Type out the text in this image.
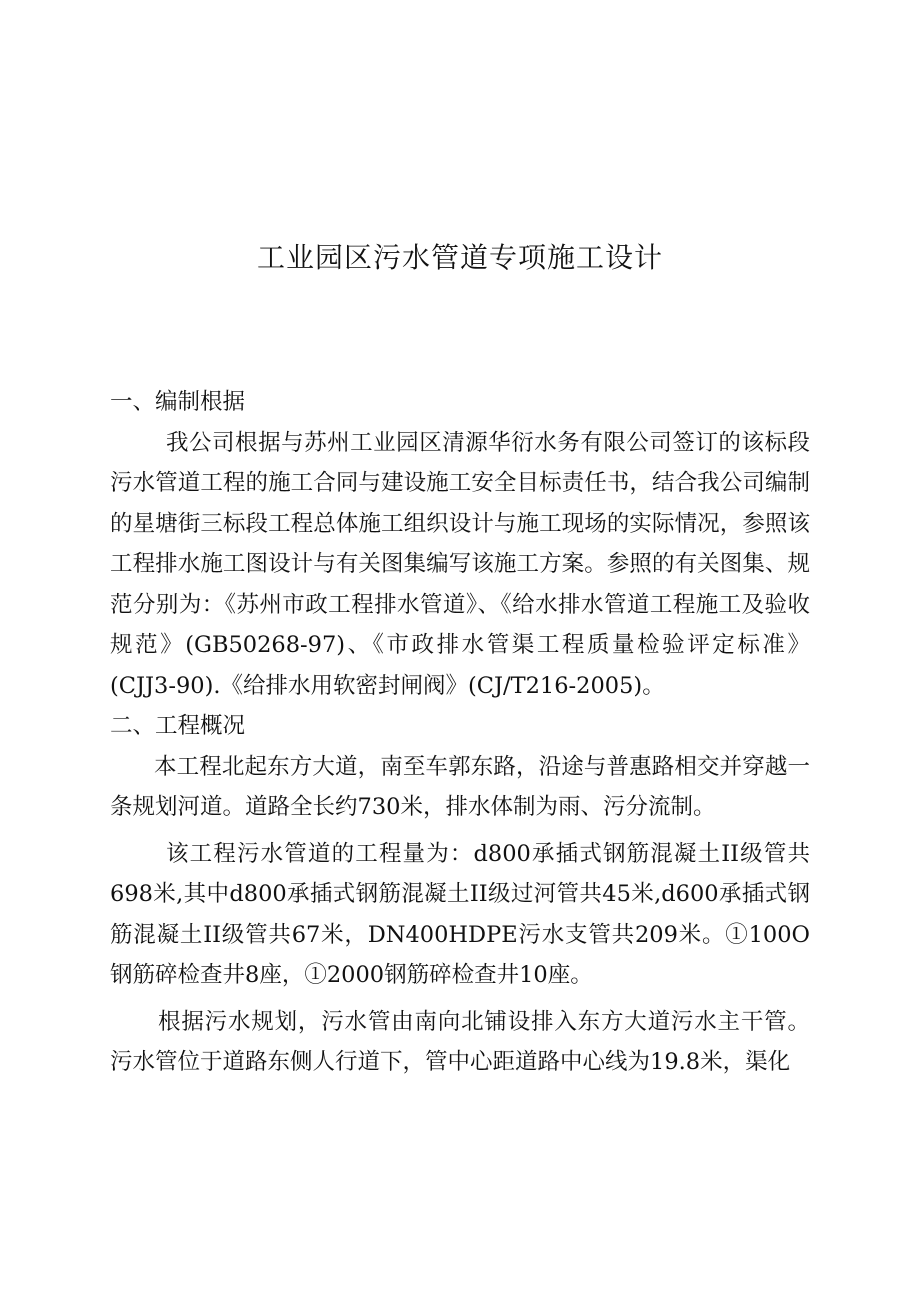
工业园区污水管道专项施工设计

一、编制根据

我公司根据与苏州工业园区清源华衍水务有限公司签订的该标段污水管道工程的施工合同与建设施工安全目标责任书，结合我公司编制的星塘街三标段工程总体施工组织设计与施工现场的实际情况，参照该工程排水施工图设计与有关图集编写该施工方案。参照的有关图集、规范分别为：《苏州市政工程排水管道》、《给水排水管道工程施工及验收规范》(GB50268-97)、《市政排水管渠工程质量检验评定标准》(CJJ3-90).《给排水用软密封闸阀》(CJ/T216-2005)。

二、工程概况

本工程北起东方大道，南至车郭东路，沿途与普惠路相交并穿越一条规划河道。道路全长约730米，排水体制为雨、污分流制。

该工程污水管道的工程量为：d800承插式钢筋混凝土II级管共698米,其中d800承插式钢筋混凝土II级过河管共45米,d600承插式钢筋混凝土II级管共67米，DN400HDPE污水支管共209米。①100O钢筋碎检查井8座，①2000钢筋碎检查井10座。

根据污水规划，污水管由南向北铺设排入东方大道污水主干管。污水管位于道路东侧人行道下，管中心距道路中心线为19.8米，渠化
